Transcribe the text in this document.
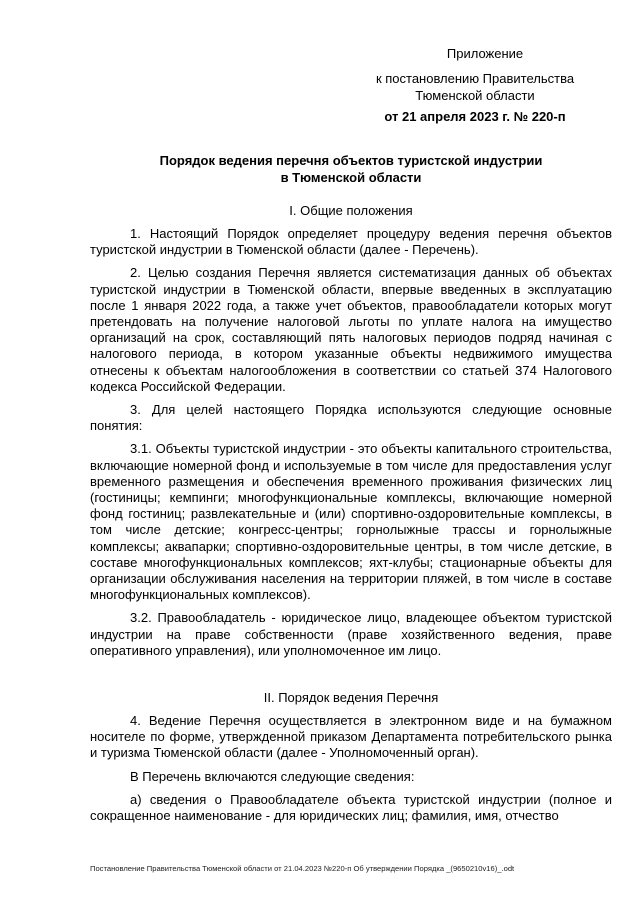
Приложение
к постановлению Правительства
Тюменской области
от 21 апреля 2023 г. № 220-п
Порядок ведения перечня объектов туристской индустрии
в Тюменской области
I. Общие положения

1. Настоящий Порядок определяет процедуру ведения перечня объектов туристской индустрии в Тюменской области (далее - Перечень).

2. Целью создания Перечня является систематизация данных об объектах туристской индустрии в Тюменской области, впервые введенных в эксплуатацию после 1 января 2022 года, а также учет объектов, правообладатели которых могут претендовать на получение налоговой льготы по уплате налога на имущество организаций на срок, составляющий пять налоговых периодов подряд начиная с налогового периода, в котором указанные объекты недвижимого имущества отнесены к объектам налогообложения в соответствии со статьей 374 Налогового кодекса Российской Федерации.

3. Для целей настоящего Порядка используются следующие основные понятия:

3.1. Объекты туристской индустрии - это объекты капитального строительства, включающие номерной фонд и используемые в том числе для предоставления услуг временного размещения и обеспечения временного проживания физических лиц (гостиницы; кемпинги; многофункциональные комплексы, включающие номерной фонд гостиниц; развлекательные и (или) спортивно-оздоровительные комплексы, в том числе детские; конгресс-центры; горнолыжные трассы и горнолыжные комплексы; аквапарки; спортивно-оздоровительные центры, в том числе детские, в составе многофункциональных комплексов; яхт-клубы; стационарные объекты для организации обслуживания населения на территории пляжей, в том числе в составе многофункциональных комплексов).

3.2. Правообладатель - юридическое лицо, владеющее объектом туристской индустрии на праве собственности (праве хозяйственного ведения, праве оперативного управления), или уполномоченное им лицо.

II. Порядок ведения Перечня

4. Ведение Перечня осуществляется в электронном виде и на бумажном носителе по форме, утвержденной приказом Департамента потребительского рынка и туризма Тюменской области (далее - Уполномоченный орган).

В Перечень включаются следующие сведения:

а) сведения о Правообладателе объекта туристской индустрии (полное и сокращенное наименование - для юридических лиц; фамилия, имя, отчество

Постановление Правительства Тюменской области от 21.04.2023 №220-п Об утверждении Порядка _(9650210v16)_.odt
